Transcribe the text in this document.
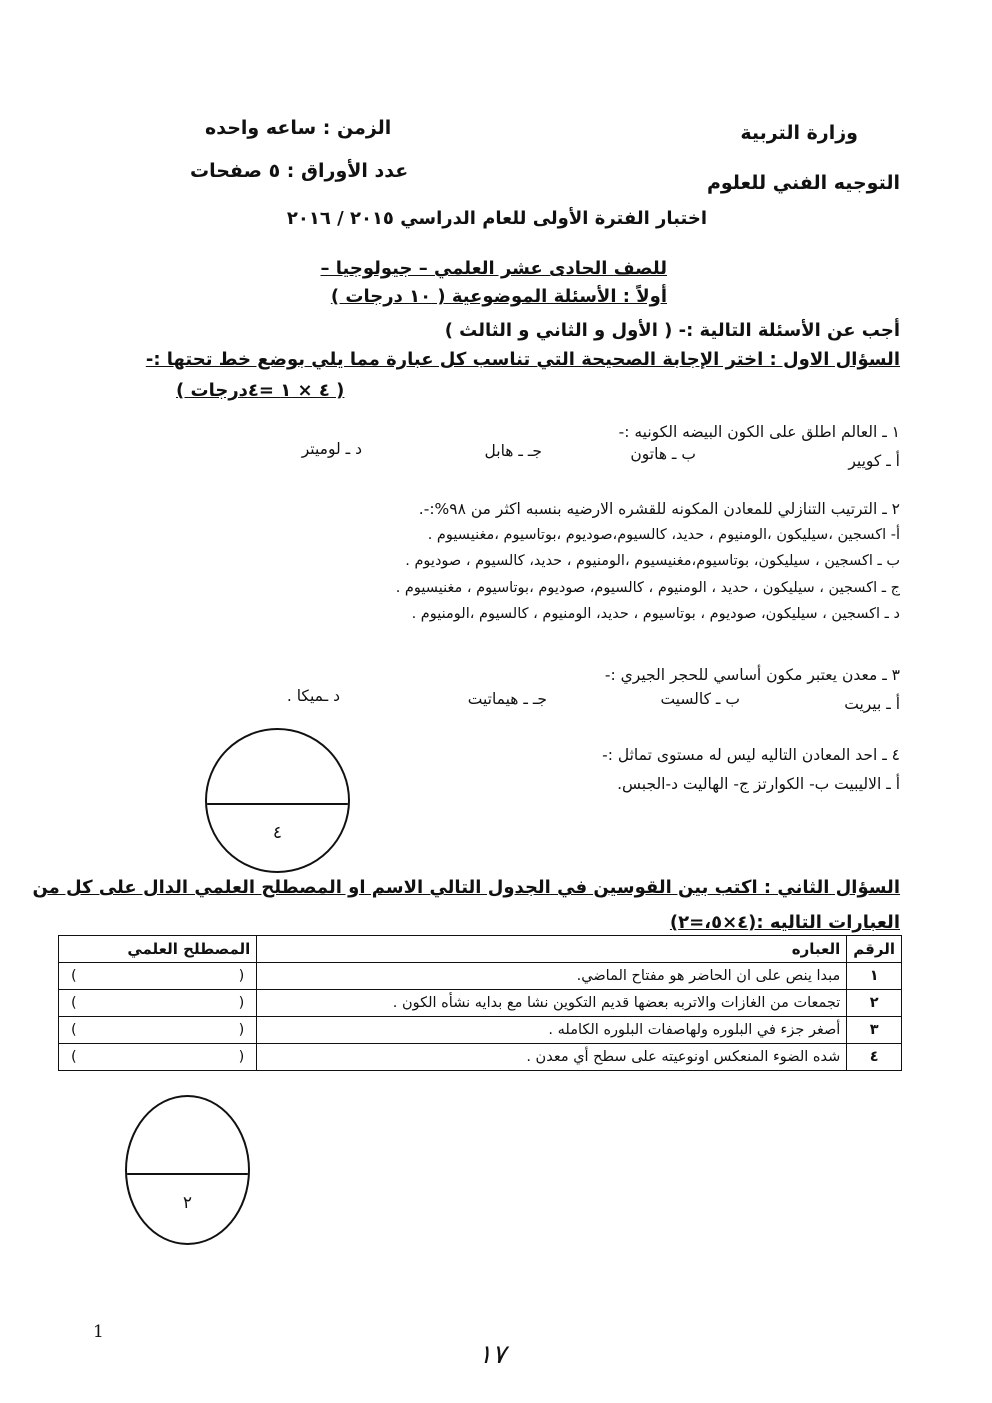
وزارة التربية
التوجيه الفني للعلوم
الزمن : ساعه واحده
عدد الأوراق : ٥ صفحات
اختبار الفترة الأولى للعام الدراسي ٢٠١٥ / ٢٠١٦
للصف الحادى عشر العلمي – جيولوجيا –
أولاً : الأسئلة الموضوعية ( ١٠ درجات )
أجب عن الأسئلة التالية :- ( الأول و الثاني و الثالث )
السؤال الاول : اختر الإجابة الصحيحة التي تناسب كل عبارة مما يلي بوضع خط تحتها :-
( ٤ × ١ =٤درجات )
١ ـ العالم اطلق على الكون البيضه الكونيه :-
أ ـ كويير
ب ـ هاتون
جـ ـ هابل
د ـ لوميتر
٢ ـ الترتيب التنازلي للمعادن المكونه للقشره الارضيه بنسبه اكثر من ٩٨%:-.
أ- اكسجين ،سيليكون ،الومنيوم ، حديد، كالسيوم،صوديوم ،بوتاسيوم ،مغنيسيوم .
ب ـ اكسجين ، سيليكون، بوتاسيوم،مغنيسيوم ،الومنيوم ، حديد، كالسيوم ، صوديوم .
ج ـ اكسجين ، سيليكون ، حديد ، الومنيوم ، كالسيوم، صوديوم ،بوتاسيوم ، مغنيسيوم .
د ـ اكسجين ، سيليكون، صوديوم ، بوتاسيوم ، حديد، الومنيوم ، كالسيوم ،الومنيوم .
٣ ـ معدن يعتبر مكون أساسي للحجر الجيري :-
أ ـ بيريت
ب ـ كالسيت
جـ ـ هيماتيت
د ـميكا .
٤ ـ احد المعادن التاليه ليس له مستوى تماثل :-
أ ـ الاليبيت ب- الكوارتز ج- الهاليت د-الجبس.
٤
السؤال الثاني : اكتب بين القوسين في الجدول التالي الاسم او المصطلح العلمي الدال على كل من
العبارات التاليه :(٤×٥،=٢)
الرقم	العباره	المصطلح العلمي
١	مبدا ينص على ان الحاضر هو مفتاح الماضي.	( )

٢	تجمعات من الغازات والاتربه بعضها قديم التكوين نشا مع بدايه نشأه الكون .	( )

٣	أصغر جزء في البلوره ولهاصفات البلوره الكامله .	( )

٤	شده الضوء المنعكس اونوعيته على سطح أي معدن .	( )
٢
1
١٧
